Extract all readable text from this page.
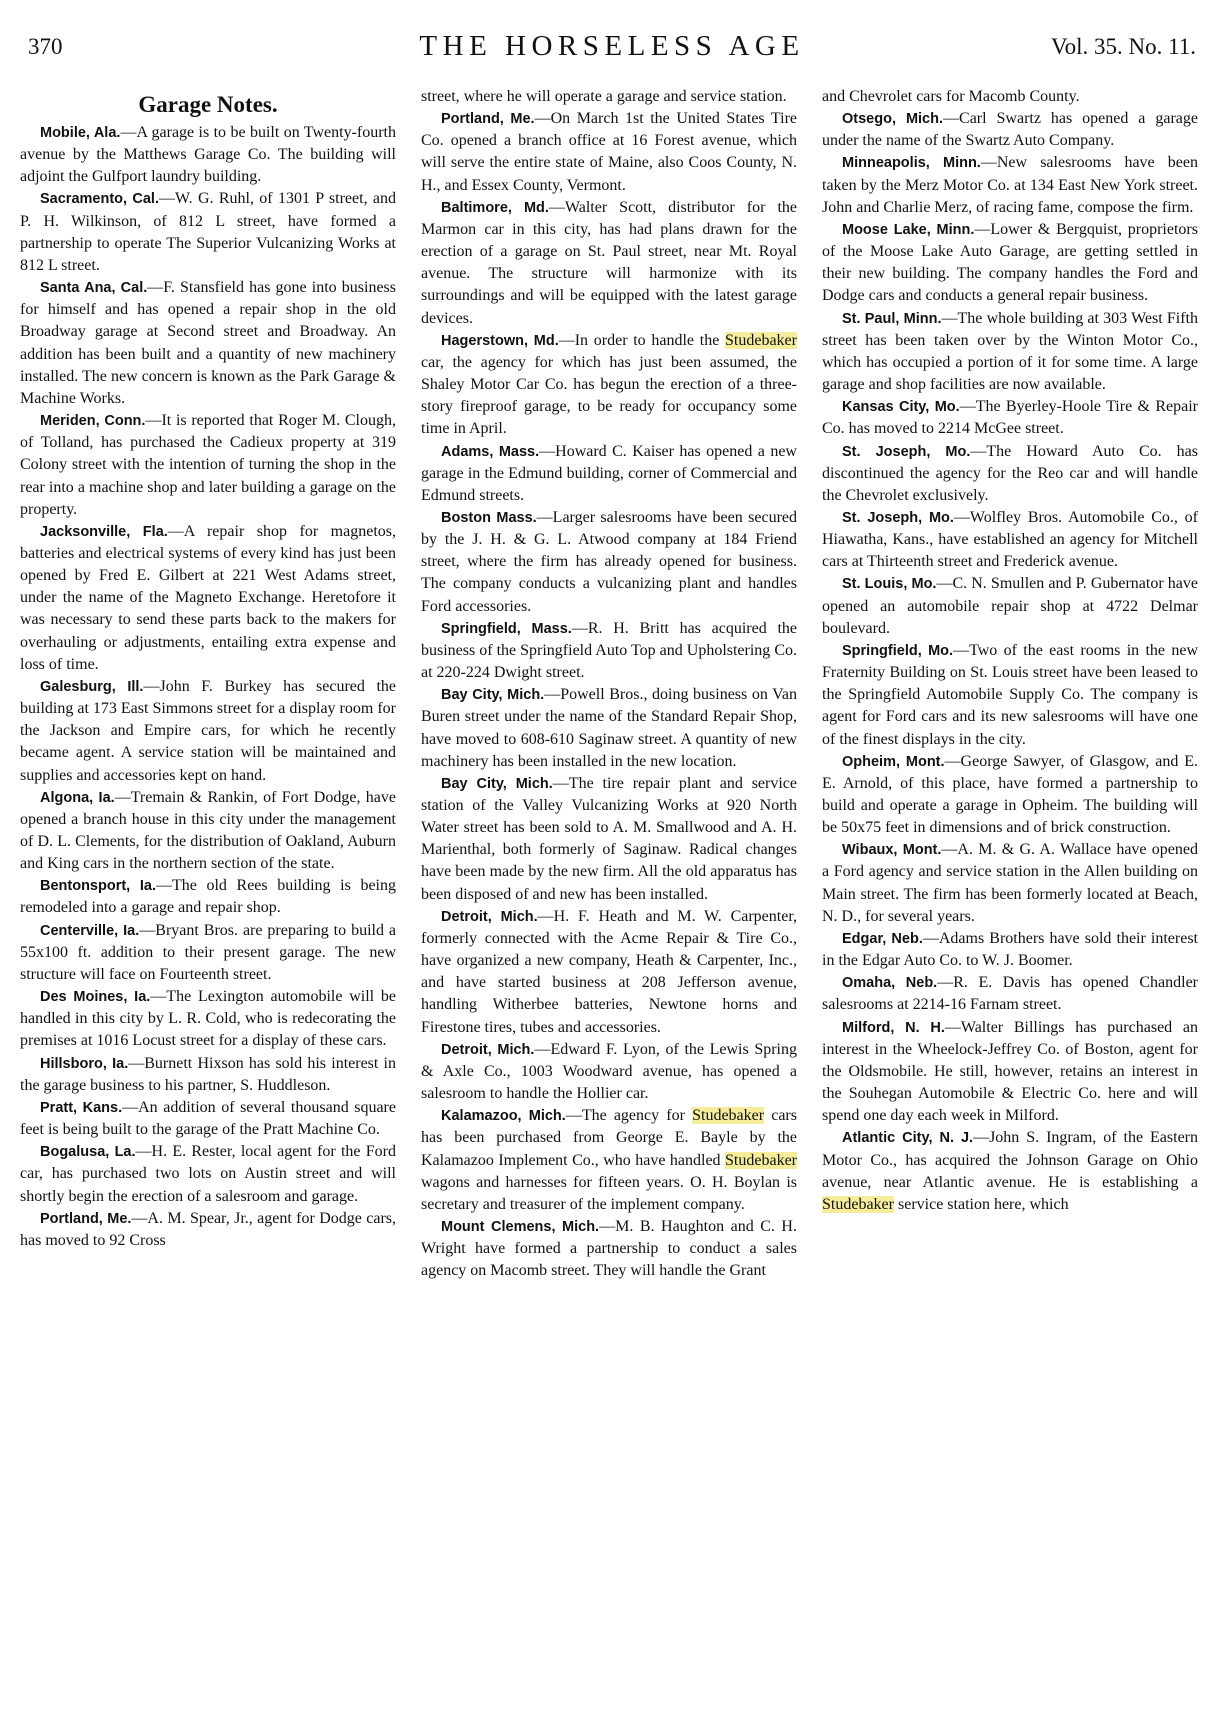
370	THE HORSELESS AGE	Vol. 35. No. 11.
Garage Notes.

Mobile, Ala.—A garage is to be built on Twenty-fourth avenue by the Matthews Garage Co. The building will adjoint the Gulfport laundry building.

Sacramento, Cal.—W. G. Ruhl, of 1301 P street, and P. H. Wilkinson, of 812 L street, have formed a partnership to operate The Superior Vulcanizing Works at 812 L street.

Santa Ana, Cal.—F. Stansfield has gone into business for himself and has opened a repair shop in the old Broadway garage at Second street and Broadway. An addition has been built and a quantity of new machinery installed. The new concern is known as the Park Garage & Machine Works.

Meriden, Conn.—It is reported that Roger M. Clough, of Tolland, has purchased the Cadieux property at 319 Colony street with the intention of turning the shop in the rear into a machine shop and later building a garage on the property.

Jacksonville, Fla.—A repair shop for magnetos, batteries and electrical systems of every kind has just been opened by Fred E. Gilbert at 221 West Adams street, under the name of the Magneto Exchange. Heretofore it was necessary to send these parts back to the makers for overhauling or adjustments, entailing extra expense and loss of time.

Galesburg, Ill.—John F. Burkey has secured the building at 173 East Simmons street for a display room for the Jackson and Empire cars, for which he recently became agent. A service station will be maintained and supplies and accessories kept on hand.

Algona, Ia.—Tremain & Rankin, of Fort Dodge, have opened a branch house in this city under the management of D. L. Clements, for the distribution of Oakland, Auburn and King cars in the northern section of the state.

Bentonsport, Ia.—The old Rees building is being remodeled into a garage and repair shop.

Centerville, Ia.—Bryant Bros. are preparing to build a 55x100 ft. addition to their present garage. The new structure will face on Fourteenth street.

Des Moines, Ia.—The Lexington automobile will be handled in this city by L. R. Cold, who is redecorating the premises at 1016 Locust street for a display of these cars.

Hillsboro, Ia.—Burnett Hixson has sold his interest in the garage business to his partner, S. Huddleson.

Pratt, Kans.—An addition of several thousand square feet is being built to the garage of the Pratt Machine Co.

Bogalusa, La.—H. E. Rester, local agent for the Ford car, has purchased two lots on Austin street and will shortly begin the erection of a salesroom and garage.

Portland, Me.—A. M. Spear, Jr., agent for Dodge cars, has moved to 92 Cross

street, where he will operate a garage and service station.

Portland, Me.—On March 1st the United States Tire Co. opened a branch office at 16 Forest avenue, which will serve the entire state of Maine, also Coos County, N. H., and Essex County, Vermont.

Baltimore, Md.—Walter Scott, distributor for the Marmon car in this city, has had plans drawn for the erection of a garage on St. Paul street, near Mt. Royal avenue. The structure will harmonize with its surroundings and will be equipped with the latest garage devices.

Hagerstown, Md.—In order to handle the Studebaker car, the agency for which has just been assumed, the Shaley Motor Car Co. has begun the erection of a three-story fireproof garage, to be ready for occupancy some time in April.

Adams, Mass.—Howard C. Kaiser has opened a new garage in the Edmund building, corner of Commercial and Edmund streets.

Boston Mass.—Larger salesrooms have been secured by the J. H. & G. L. Atwood company at 184 Friend street, where the firm has already opened for business. The company conducts a vulcanizing plant and handles Ford accessories.

Springfield, Mass.—R. H. Britt has acquired the business of the Springfield Auto Top and Upholstering Co. at 220-224 Dwight street.

Bay City, Mich.—Powell Bros., doing business on Van Buren street under the name of the Standard Repair Shop, have moved to 608-610 Saginaw street. A quantity of new machinery has been installed in the new location.

Bay City, Mich.—The tire repair plant and service station of the Valley Vulcanizing Works at 920 North Water street has been sold to A. M. Smallwood and A. H. Marienthal, both formerly of Saginaw. Radical changes have been made by the new firm. All the old apparatus has been disposed of and new has been installed.

Detroit, Mich.—H. F. Heath and M. W. Carpenter, formerly connected with the Acme Repair & Tire Co., have organized a new company, Heath & Carpenter, Inc., and have started business at 208 Jefferson avenue, handling Witherbee batteries, Newtone horns and Firestone tires, tubes and accessories.

Detroit, Mich.—Edward F. Lyon, of the Lewis Spring & Axle Co., 1003 Woodward avenue, has opened a salesroom to handle the Hollier car.

Kalamazoo, Mich.—The agency for Studebaker cars has been purchased from George E. Bayle by the Kalamazoo Implement Co., who have handled Studebaker wagons and harnesses for fifteen years. O. H. Boylan is secretary and treasurer of the implement company.

Mount Clemens, Mich.—M. B. Haughton and C. H. Wright have formed a partnership to conduct a sales agency on Macomb street. They will handle the Grant

and Chevrolet cars for Macomb County.

Otsego, Mich.—Carl Swartz has opened a garage under the name of the Swartz Auto Company.

Minneapolis, Minn.—New salesrooms have been taken by the Merz Motor Co. at 134 East New York street. John and Charlie Merz, of racing fame, compose the firm.

Moose Lake, Minn.—Lower & Bergquist, proprietors of the Moose Lake Auto Garage, are getting settled in their new building. The company handles the Ford and Dodge cars and conducts a general repair business.

St. Paul, Minn.—The whole building at 303 West Fifth street has been taken over by the Winton Motor Co., which has occupied a portion of it for some time. A large garage and shop facilities are now available.

Kansas City, Mo.—The Byerley-Hoole Tire & Repair Co. has moved to 2214 McGee street.

St. Joseph, Mo.—The Howard Auto Co. has discontinued the agency for the Reo car and will handle the Chevrolet exclusively.

St. Joseph, Mo.—Wolfley Bros. Automobile Co., of Hiawatha, Kans., have established an agency for Mitchell cars at Thirteenth street and Frederick avenue.

St. Louis, Mo.—C. N. Smullen and P. Gubernator have opened an automobile repair shop at 4722 Delmar boulevard.

Springfield, Mo.—Two of the east rooms in the new Fraternity Building on St. Louis street have been leased to the Springfield Automobile Supply Co. The company is agent for Ford cars and its new salesrooms will have one of the finest displays in the city.

Opheim, Mont.—George Sawyer, of Glasgow, and E. E. Arnold, of this place, have formed a partnership to build and operate a garage in Opheim. The building will be 50x75 feet in dimensions and of brick construction.

Wibaux, Mont.—A. M. & G. A. Wallace have opened a Ford agency and service station in the Allen building on Main street. The firm has been formerly located at Beach, N. D., for several years.

Edgar, Neb.—Adams Brothers have sold their interest in the Edgar Auto Co. to W. J. Boomer.

Omaha, Neb.—R. E. Davis has opened Chandler salesrooms at 2214-16 Farnam street.

Milford, N. H.—Walter Billings has purchased an interest in the Wheelock-Jeffrey Co. of Boston, agent for the Oldsmobile. He still, however, retains an interest in the Souhegan Automobile & Electric Co. here and will spend one day each week in Milford.

Atlantic City, N. J.—John S. Ingram, of the Eastern Motor Co., has acquired the Johnson Garage on Ohio avenue, near Atlantic avenue. He is establishing a Studebaker service station here, which
